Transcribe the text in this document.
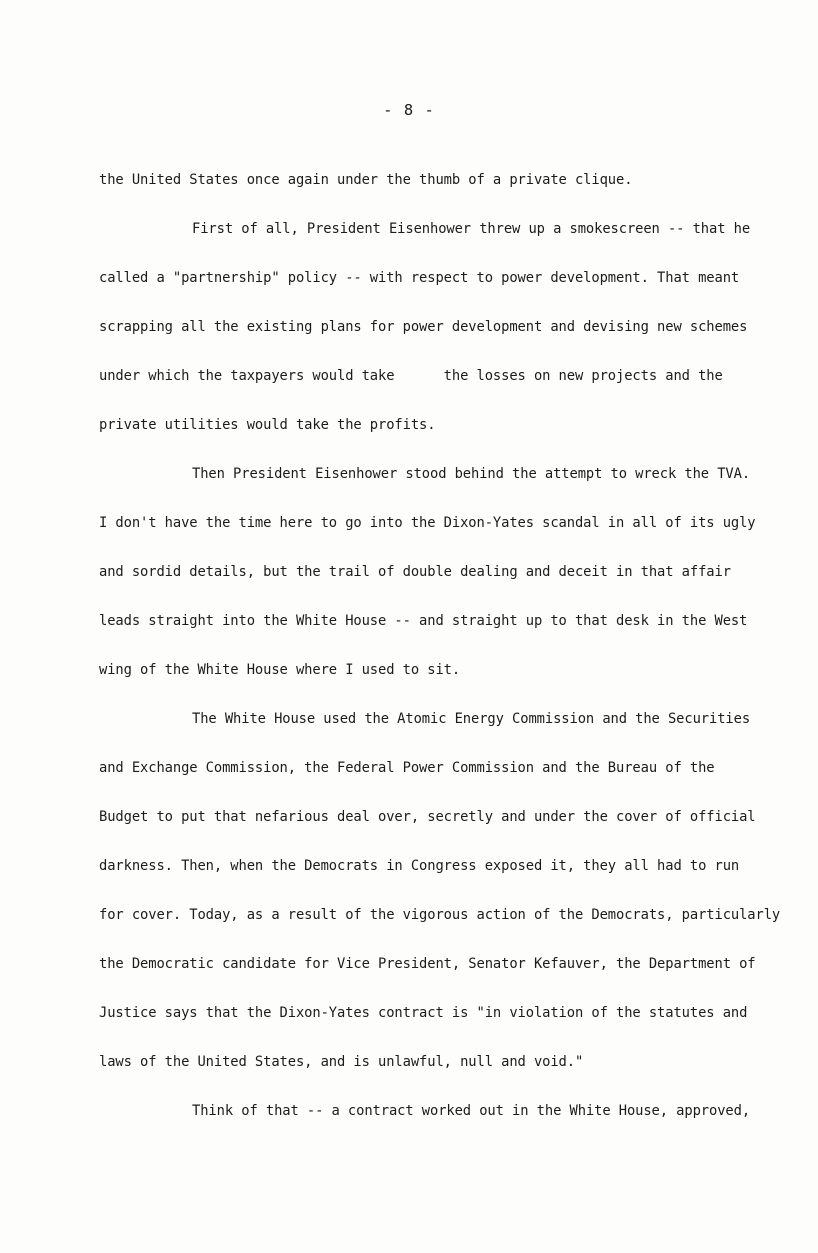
- 8 -
the United States once again under the thumb of a private clique.
First of all, President Eisenhower threw up a smokescreen -- that he
called a "partnership" policy -- with respect to power development. That meant
scrapping all the existing plans for power development and devising new schemes
under which the taxpayers would take      the losses on new projects and the
private utilities would take the profits.
Then President Eisenhower stood behind the attempt to wreck the TVA.
I don't have the time here to go into the Dixon-Yates scandal in all of its ugly
and sordid details, but the trail of double dealing and deceit in that affair
leads straight into the White House -- and straight up to that desk in the West
wing of the White House where I used to sit.
The White House used the Atomic Energy Commission and the Securities
and Exchange Commission, the Federal Power Commission and the Bureau of the
Budget to put that nefarious deal over, secretly and under the cover of official
darkness. Then, when the Democrats in Congress exposed it, they all had to run
for cover. Today, as a result of the vigorous action of the Democrats, particularly
the Democratic candidate for Vice President, Senator Kefauver, the Department of
Justice says that the Dixon-Yates contract is "in violation of the statutes and
laws of the United States, and is unlawful, null and void."
Think of that -- a contract worked out in the White House, approved,
